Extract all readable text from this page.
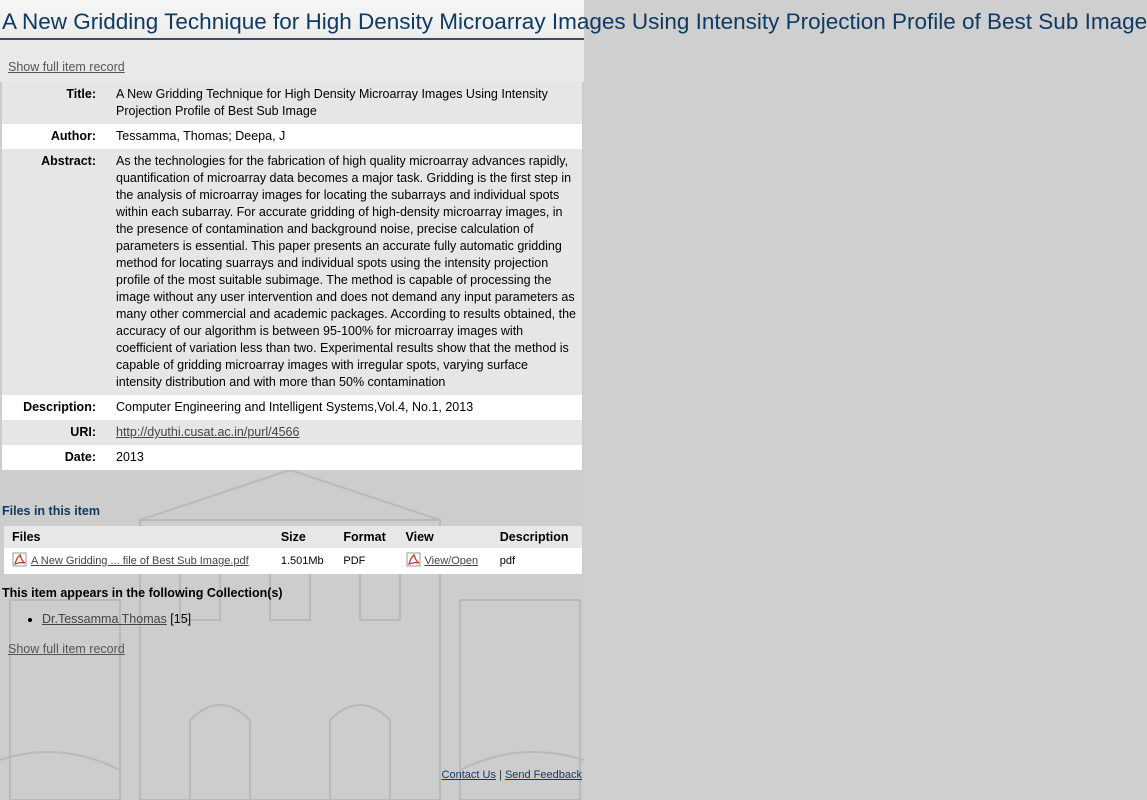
A New Gridding Technique for High Density Microarray Images Using Intensity Projection Profile of Best Sub Image
Show full item record
Title:	A New Gridding Technique for High Density Microarray Images Using Intensity Projection Profile of Best Sub Image
Author:	Tessamma, Thomas; Deepa, J
Abstract:	As the technologies for the fabrication of high quality microarray advances rapidly, quantification of microarray data becomes a major task. Gridding is the first step in the analysis of microarray images for locating the subarrays and individual spots within each subarray. For accurate gridding of high-density microarray images, in the presence of contamination and background noise, precise calculation of parameters is essential. This paper presents an accurate fully automatic gridding method for locating suarrays and individual spots using the intensity projection profile of the most suitable subimage. The method is capable of processing the image without any user intervention and does not demand any input parameters as many other commercial and academic packages. According to results obtained, the accuracy of our algorithm is between 95-100% for microarray images with coefficient of variation less than two. Experimental results show that the method is capable of gridding microarray images with irregular spots, varying surface intensity distribution and with more than 50% contamination
Description:	Computer Engineering and Intelligent Systems,Vol.4, No.1, 2013
URI:	http://dyuthi.cusat.ac.in/purl/4566
Date:	2013
Files in this item
Files	Size	Format	View	Description
A New Gridding ... file of Best Sub Image.pdf	1.501Mb	PDF	View/Open	pdf
This item appears in the following Collection(s)
• Dr.Tessamma Thomas [15]
Show full item record
Contact Us | Send Feedback
